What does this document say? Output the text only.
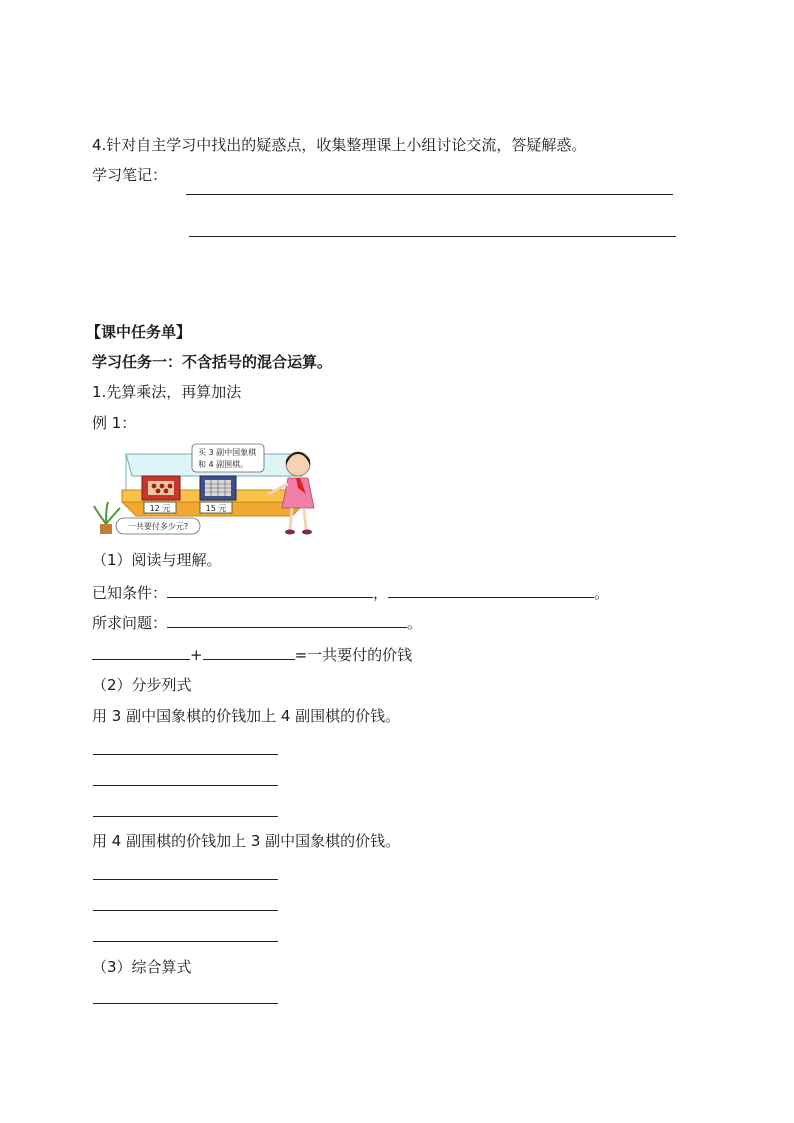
4.针对自主学习中找出的疑惑点，收集整理课上小组讨论交流，答疑解惑。
学习笔记：
【课中任务单】
学习任务一：不含括号的混合运算。
1.先算乘法，再算加法
例 1：
12 元	15 元
买 3 副中国象棋
和 4 副围棋。
一共要付多少元?
（1）阅读与理解。
已知条件：	，	。
所求问题：	。
+	=一共要付的价钱
（2）分步列式
用 3 副中国象棋的价钱加上 4 副围棋的价钱。
用 4 副围棋的价钱加上 3 副中国象棋的价钱。
（3）综合算式
